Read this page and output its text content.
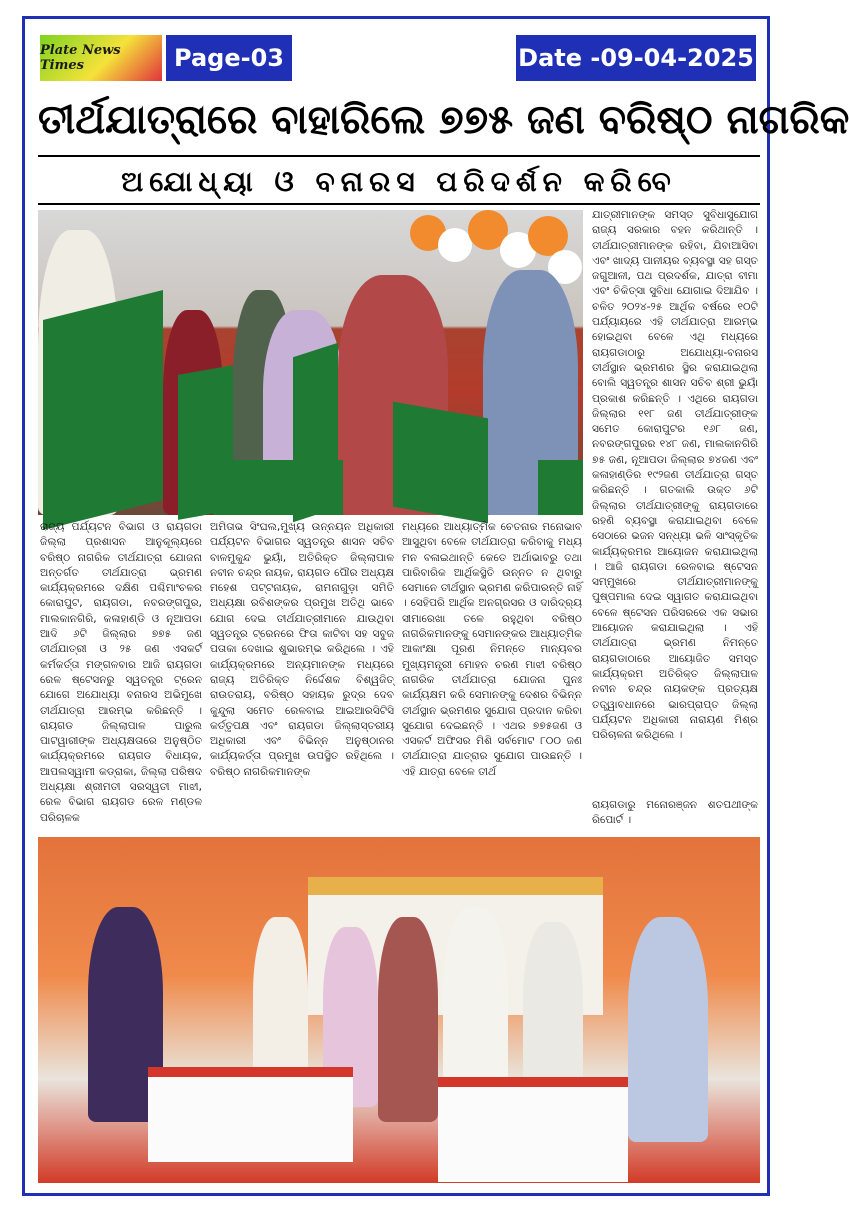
Plate News Times	Page-03	Date -09-04-2025
ତୀର୍ଥଯାତ୍ରାରେ ବାହାରିଲେ ୭୭୫ ଜଣ ବରିଷ୍ଠ ନାଗରିକ
ଅଯୋଧ୍ୟା ଓ ବନାରସ ପରିଦର୍ଶନ କରିବେ
ରାଜ୍ୟ ପର୍ଯ୍ୟଟନ ବିଭାଗ ଓ ରାୟଗଡା ଜିଲ୍ଲା ପ୍ରଶାସନ ଆନୁକୂଲ୍ୟରେ ବରିଷ୍ଠ ନାଗରିକ ତୀର୍ଥଯାତ୍ରା ଯୋଜନା ଅନ୍ତର୍ଗତ ତୀର୍ଥଯାତ୍ରା ଭ୍ରମଣ କାର୍ଯ୍ୟକ୍ରମରେ ଦକ୍ଷିଣ ପଶ୍ଚିମାଂଚଳର କୋରାପୁଟ, ରାୟଗଡା, ନବରଙ୍ଗପୁର, ମାଲକାନଗିରି, କଳାହାଣ୍ଡି ଓ ନୂଆପଡା ଆଦି ୬ଟି ଜିଲ୍ଲାର ୭୭୫ ଜଣ ତୀର୍ଥଯାତ୍ରୀ ଓ ୨୫ ଜଣ ଏସକର୍ଟ କର୍ମକର୍ତ୍ତା ମଙ୍ଗଳବାର ଆଜି ରାୟଗଡା ରେଳ ଷ୍ଟେସନରୁ ସ୍ୱତନ୍ତ୍ର ଟ୍ରେନ ଯୋଗେ ଅଯୋଧ୍ୟା ବନାରସ ଅଭିମୁଖେ ତୀର୍ଥଯାତ୍ରା ଆରମ୍ଭ କରିଛନ୍ତି । ରାୟଗଡ ଜିଲ୍ଲାପାଳ ପାରୁଲ ପାଟୱାରୀଙ୍କ ଅଧ୍ୟକ୍ଷତାରେ ଅନୁଷ୍ଠିତ କାର୍ଯ୍ୟକ୍ରମରେ ରାୟଗଡ ବିଧାୟକ, ଆପଲସ୍ୱାମୀ କଡ୍ରାକା, ଜିଲ୍ଲା ପରିଷଦ ଅଧ୍ୟକ୍ଷା ଶ୍ରୀମତୀ ସରସ୍ୱତୀ ମାଝୀ, ରେଳ ବିଭାଗ ରାୟଗଡ ରେଳ ମଣ୍ଡଳ ପରିଚାଳକ
ଅମିତାଭ ସିଂଘଲ,ମୁଖ୍ୟ ଉନ୍ନୟନ ଅଧିକାରୀ ପର୍ଯ୍ୟଟନ ବିଭାଗର ସ୍ୱତନ୍ତ୍ର ଶାସନ ସଚିବ ବାଳମୁକୁନ୍ଦ ଭୁୟାଁ, ଅତିରିକ୍ତ ଜିଲ୍ଲାପାଳ ନବୀନ ଚନ୍ଦ୍ର ନାୟକ, ରାୟଗଡ ପୌର ଅଧ୍ୟକ୍ଷ ମହେଶ ପଟ୍ଟନାୟକ, ରାମନାଗୁଡ଼ା ସମିତି ଅଧ୍ୟକ୍ଷା ରବିଶଙ୍କର ପ୍ରମୁଖ ଅତିଥି ଭାବେ ଯୋଗ ଦେଇ ତୀର୍ଥଯାତ୍ରୀମାନେ ଯାଉଥିବା ସ୍ୱତନ୍ତ୍ର ଟ୍ରେନରେ ଫିତା କାଟିବା ସହ ସବୁଜ ପତାକା ଦେଖାଇ ଶୁଭାରମ୍ଭ କରିଥିଲେ । ଏହି କାର୍ଯ୍ୟକ୍ରମରେ ଅନ୍ୟମାନଙ୍କ ମଧ୍ୟରେ ରାଜ୍ୟ ଅତିରିକ୍ତ ନିର୍ଦ୍ଦେଶକ ବିଶ୍ୱଜିତ୍ ରାଉତରାୟ, ବରିଷ୍ଠ ସହାୟକ ରୁଦ୍ର ଦେବ କୁନ୍ଦୁଲା ସମେତ ରେଳବାଇ ଆଇଆରସିଟିସି କର୍ତ୍ତୃପକ୍ଷ ଏବଂ ରାୟଗଡା ଜିଲ୍ଲାସ୍ତରୀୟ ଅଧିକାରୀ ଏବଂ ବିଭିନ୍ନ ଅନୁଷ୍ଠାନର କାର୍ଯ୍ୟକର୍ତ୍ତା ପ୍ରମୁଖ ଉପସ୍ଥିତ ରହିଥିଲେ । ବରିଷ୍ଠ ନାଗରିକମାନଙ୍କ
ମଧ୍ୟରେ ଆଧ୍ୟାତ୍ମିକ ଚେତନାର ମନୋଭାବ ଆସୁଥିବା ବେଳେ ତୀର୍ଥଯାତ୍ରା କରିବାକୁ ମଧ୍ୟ ମନ ବଳାଇଥାନ୍ତି କେତେ ଅର୍ଥାଭାବରୁ ତଥା ପାରିବାରିକ ଆର୍ଥିକସ୍ଥିତି ଉନ୍ନତ ନ ଥିବାରୁ ସେମାନେ ତୀର୍ଥସ୍ଥାନ ଭ୍ରମଣ କରିପାରନ୍ତି ନାହିଁ । ସେହିପରି ଆର୍ଥିକ ଅନଗ୍ରସର ଓ ଦାରିଦ୍ର୍ୟ ସୀମାରେଖା ତଳେ ରହୁଥିବା ବରିଷ୍ଠ ନାଗରିକମାନଙ୍କୁ ସେମାନଙ୍କର ଆଧ୍ୟାତ୍ମିକ ଆକାଂକ୍ଷା ପୂରଣ ନିମନ୍ତେ ମାନ୍ୟବର ମୁଖ୍ୟମନ୍ତ୍ରୀ ମୋହନ ଚରଣ ମାଝୀ ବରିଷ୍ଠ ନାଗରିକ ତୀର୍ଥଯାତ୍ରା ଯୋଜନା ପୁନଃ କାର୍ଯ୍ୟକ୍ଷମ କରି ସେମାନଙ୍କୁ ଦେଶର ବିଭିନ୍ନ ତୀର୍ଥସ୍ଥାନ ଭ୍ରମଣର ସୁଯୋଗ ପ୍ରଦାନ କରିବା ସୁଯୋଗ ଦେଇଛନ୍ତି । ଏଥର ୭୭୫ଜଣ ଓ ଏସକର୍ଟ ଅଫିସର ମିଶି ସର୍ବମୋଟ ୮୦୦ ଜଣ ତୀର୍ଥଯାତ୍ରା ଯାତ୍ରାର ସୁଯୋଗ ପାଉଛନ୍ତି । ଏହି ଯାତ୍ରା ବେଳେ ତୀର୍ଥ
ଯାତ୍ରୀମାନଙ୍କ ସମସ୍ତ ସୁବିଧାସୁଯୋଗ ରାଜ୍ୟ ସରକାର ବହନ କରିଥାନ୍ତି । ତୀର୍ଥଯାତ୍ରୀମାନଙ୍କ ରହିବା, ଯିବାଆସିବା ଏବଂ ଖାଦ୍ୟ ପାନୀୟର ବ୍ୟବସ୍ଥା ସହ ଗସ୍ତ ଜଗୁଆଳୀ, ପଥ ପ୍ରଦର୍ଶକ, ଯାତ୍ରା ବୀମା ଏବଂ ଚିକିତ୍ସା ସୁବିଧା ଯୋଗାଇ ଦିଆଯିବ । ଚଳିତ ୨୦୨୪-୨୫ ଆର୍ଥିକ ବର୍ଷରେ ୧୦ଟି ପର୍ଯ୍ୟାୟରେ ଏହି ତୀର୍ଥଯାତ୍ରା ଆରମ୍ଭ ହୋଇଥିବା ବେଳେ ଏଥି ମଧ୍ୟରେ ରାୟଗଡାଠାରୁ ଅଯୋଧ୍ୟା-ବନାରସ ତୀର୍ଥସ୍ଥାନ ଭ୍ରମଣର ସ୍ଥିର କରାଯାଇଥିଲା ବୋଲି ସ୍ୱତନ୍ତ୍ର ଶାସନ ସଚିବ ଶ୍ରୀ ଭୁୟାଁ ପ୍ରକାଶ କରିଛନ୍ତି । ଏଥିରେ ରାୟଗଡା ଜିଲ୍ଲାର ୧୧୮ ଜଣ ତୀର୍ଥଯାତ୍ରୀଙ୍କ ସମେତ କୋରାପୁଟର ୧୬୮ ଜଣ, ନବରଙ୍ଗପୁରର ୧୪୮ ଜଣ, ମାଲକାନଗିରି ୭୫ ଜଣ, ନୂଆପଡା ଜିଲ୍ଲାର ୭୪ଜଣ ଏବଂ କଳାହାଣ୍ଡିର ୧୯୨ଜଣ ତୀର୍ଥଯାତ୍ରା ଗସ୍ତ କରିଛନ୍ତି । ଗତକାଲି ଉକ୍ତ ୬ଟି ଜିଲ୍ଲାର ତୀର୍ଥଯାତ୍ରୀଙ୍କୁ ରାୟଗଡାରେ ରହଣି ବ୍ୟବସ୍ଥା କରାଯାଇଥିବା ବେଳେ ସେଠାରେ ଭଜନ ସନ୍ଧ୍ୟା ଭଳି ସାଂସ୍କୃତିକ କାର୍ଯ୍ୟକ୍ରମର ଆୟୋଜନ କରାଯାଇଥିଲା । ଆଜି ରାୟଗଡା ରେଳବାଇ ଷ୍ଟେସନ ସମ୍ମୁଖରେ ତୀର୍ଥଯାତ୍ରୀମାନଙ୍କୁ ପୁଷ୍ପମାଲ ଦେଇ ସ୍ୱାଗତ କରାଯାଇଥିବା ବେଳେ ଷ୍ଟେସନ ପରିସରରେ ଏକ ସଭାର ଆୟୋଜନ କରାଯାଇଥିଲା । ଏହି ତୀର୍ଥଯାତ୍ରା ଭ୍ରମଣ ନିମନ୍ତେ ରାୟଗଡାଠାରେ ଆୟୋଜିତ ସମସ୍ତ କାର୍ଯ୍ୟକ୍ରମ ଅତିରିକ୍ତ ଜିଲ୍ଲାପାଳ ନବୀନ ଚନ୍ଦ୍ର ନାୟକଙ୍କ ପ୍ରତ୍ୟକ୍ଷ ତତ୍ତ୍ୱାବଧାନରେ ଭାରପ୍ରାପ୍ତ ଜିଲ୍ଲା ପର୍ଯ୍ୟଟନ ଅଧିକାରୀ ନାରାୟଣ ମିଶ୍ର ପରିଚାଳନା କରିଥିଲେ ।
ରାୟଗଡାରୁ ମନୋରଞ୍ଜନ ଶତପଥୀଙ୍କ ରିପୋର୍ଟ ।
